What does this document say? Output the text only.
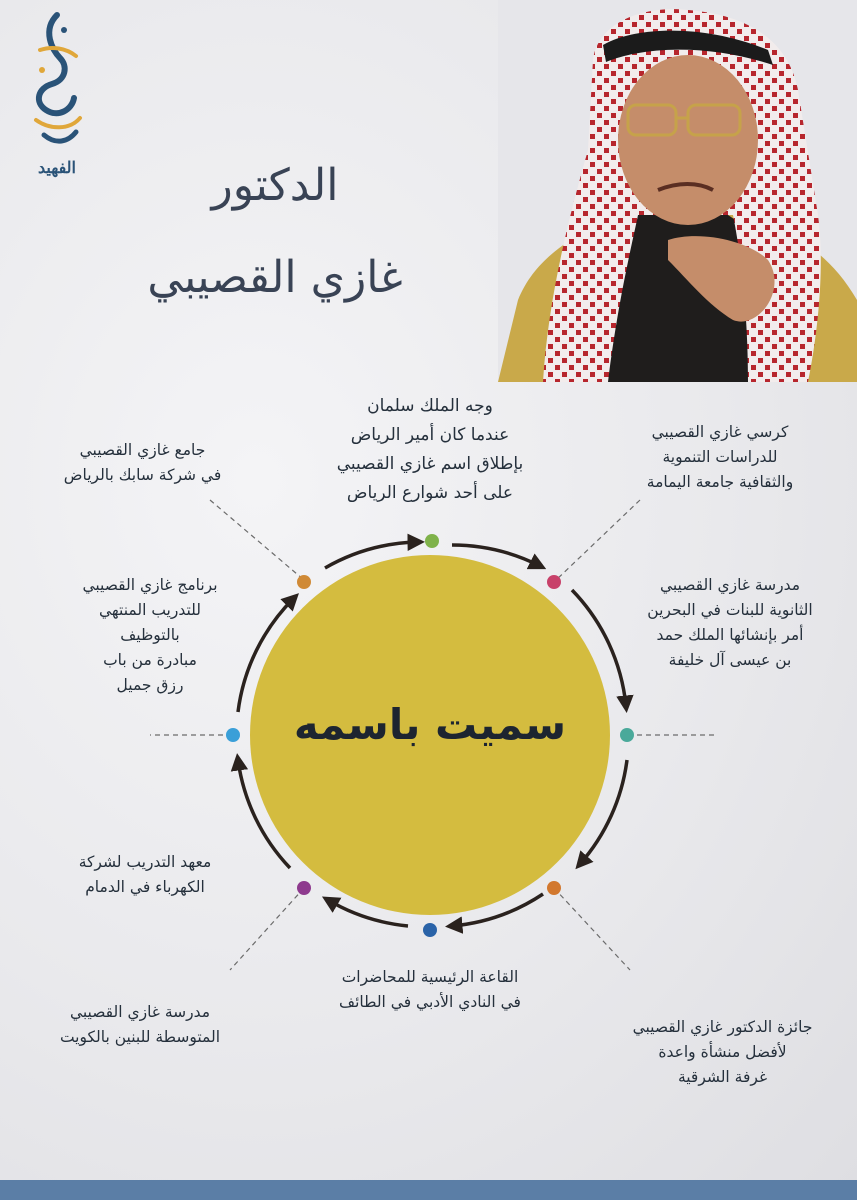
الفهيد	الدكتور
غازي القصيبي
سميت باسمه
وجه الملك سلمان
عندما كان أمير الرياض
بإطلاق اسم غازي القصيبي
على أحد شوارع الرياض
كرسي غازي القصيبي
للدراسات التنموية
والثقافية جامعة اليمامة
مدرسة غازي القصيبي
الثانوية للبنات في البحرين
أمر بإنشائها الملك حمد
بن عيسى آل خليفة
جائزة الدكتور غازي القصيبي
لأفضل منشأة واعدة
غرفة الشرقية
القاعة الرئيسية للمحاضرات
في النادي الأدبي في الطائف
مدرسة غازي القصيبي
المتوسطة للبنين بالكويت
معهد التدريب لشركة
الكهرباء في الدمام
برنامج غازي القصيبي
للتدريب المنتهي
بالتوظيف
مبادرة من باب
رزق جميل
جامع غازي القصيبي
في شركة سابك بالرياض
